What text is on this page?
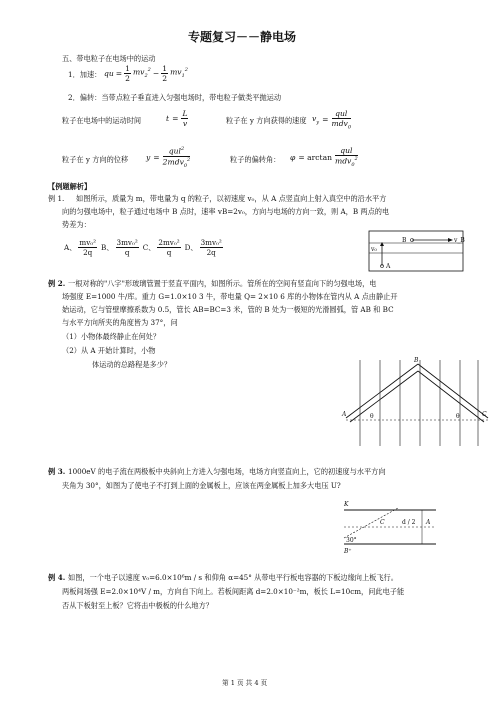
专题复习－－静电场
五、带电粒子在电场中的运动
1．加速： qu = $\frac{1}{2} mv_2^2 - \frac{1}{2} mv_1^2$
2．偏转：当带点粒子垂直进入匀强电场时，带电粒子做类平抛运动
粒子在电场中的运动时间	$t = \frac{L}{v}$	粒子在 y 方向获得的速度 $v_y = \frac{\text{qul}}{mdv_0}$
粒子在 y 方向的位移 $y = \frac{qul^2}{2mdv_0^2}$	粒子的偏转角： $\varphi = \arctan \frac{\text{qul}}{mdv_0^2}$
【例题解析】
例 1. 如图所示，质量为 m，带电量为 q 的粒子，以初速度 v₀，从 A 点竖直向上射入真空中的沿水平方
向的匀强电场中，粒子通过电场中 B 点时，速率 vB=2v₀，方向与电场的方向一致，则 A，B 两点的电
势差为：
A、 $\frac{\text{mv₀²}}{2q}$ B、 $\frac{\text{3mv₀²}}{q}$ C、 $\frac{\text{2mv₀²}}{q}$ D、 $\frac{\text{3mv₀²}}{2q}$	B	v_B
v₀
A
例 2. 一根对称的"八字"形玻璃管置于竖直平面内，如图所示。管所在的空间有竖直向下的匀强电场，电
场强度 E=1000 牛/库。重力 G=1.0×10 3 牛，带电量 Q= 2×10 6 库的小物体在管内从 A 点由静止开
始运动，它与管壁摩擦系数为 0.5，管长 AB=BC=3 米，管的 B 处为一极短的光滑圆弧，管 AB 和 BC
与水平方向所夹的角度皆为 37°，问
（1）小物体最终静止在何处？
（2）从 A 开始计算时，小物
体运动的总路程是多少？	B
A	C
θ	θ
例 3. 1000eV 的电子流在两极板中央斜向上方进入匀强电场，电场方向竖直向上，它的初速度与水平方向
夹角为 30°，如图为了使电子不打到上面的金属板上，应该在两金属板上加多大电压 U?
K
C	d / 2 A
30°
B⁺
例 4. 如图，一个电子以速度 v₀=6.0×10⁶m / s 和仰角 α=45° 从带电平行板电容器的下板边缘向上板飞行。
两板间场强 E=2.0×10⁴V / m，方向自下向上。若板间距离 d=2.0×10⁻²m，板长 L=10cm，问此电子能
否从下板射至上板？它将击中极板的什么地方？
第 1 页 共 4 页
